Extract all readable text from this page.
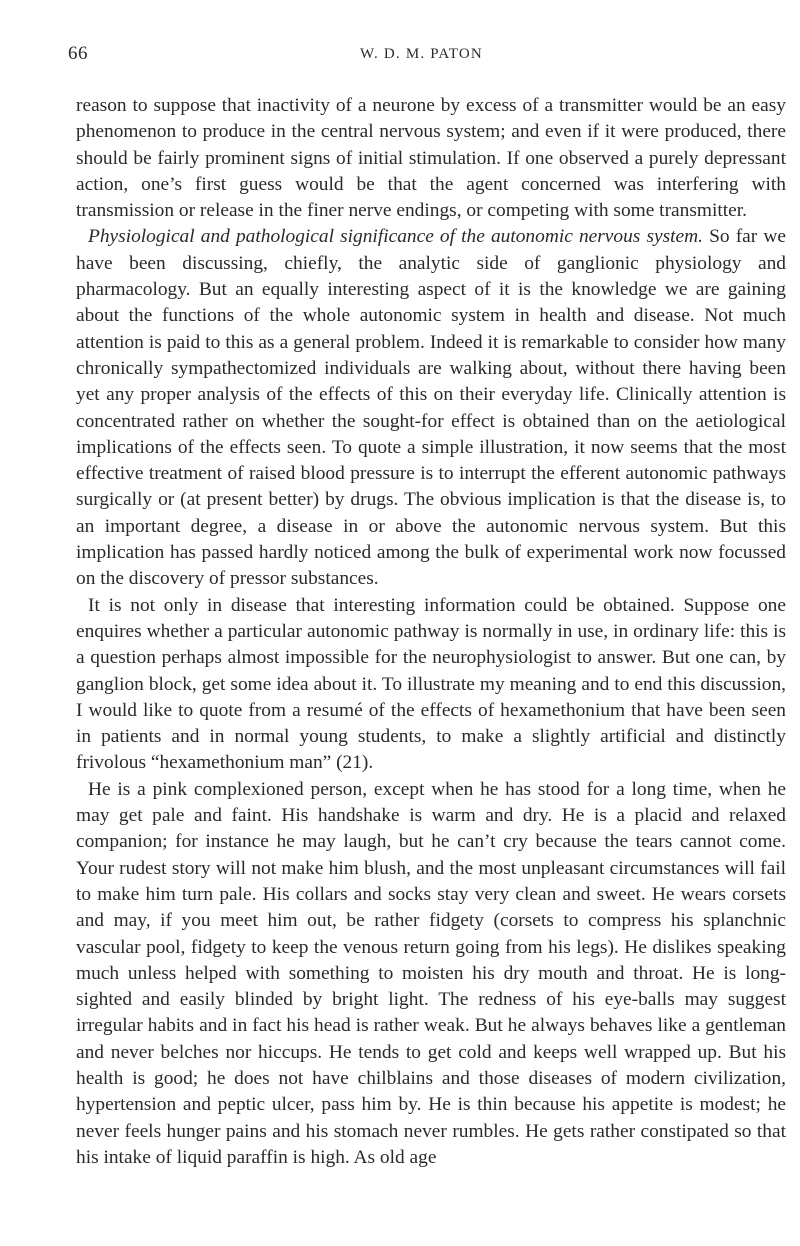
66	W. D. M. PATON

reason to suppose that inactivity of a neurone by excess of a transmitter would be an easy phenomenon to produce in the central nervous system; and even if it were produced, there should be fairly prominent signs of initial stimulation. If one observed a purely depressant action, one’s first guess would be that the agent concerned was interfering with transmission or release in the finer nerve endings, or competing with some transmitter.

Physiological and pathological significance of the autonomic nervous system. So far we have been discussing, chiefly, the analytic side of ganglionic physiology and pharmacology. But an equally interesting aspect of it is the knowledge we are gaining about the functions of the whole autonomic system in health and disease. Not much attention is paid to this as a general problem. Indeed it is remarkable to consider how many chronically sympathectomized individuals are walking about, without there having been yet any proper analysis of the effects of this on their everyday life. Clinically attention is concentrated rather on whether the sought-for effect is obtained than on the aetiological implications of the effects seen. To quote a simple illustration, it now seems that the most effective treatment of raised blood pressure is to interrupt the efferent autonomic pathways surgically or (at present better) by drugs. The obvious implication is that the disease is, to an important degree, a disease in or above the autonomic nervous system. But this implication has passed hardly noticed among the bulk of experimental work now focussed on the discovery of pressor substances.

It is not only in disease that interesting information could be obtained. Suppose one enquires whether a particular autonomic pathway is normally in use, in ordinary life: this is a question perhaps almost impossible for the neurophysiologist to answer. But one can, by ganglion block, get some idea about it. To illustrate my meaning and to end this discussion, I would like to quote from a resumé of the effects of hexamethonium that have been seen in patients and in normal young students, to make a slightly artificial and distinctly frivolous “hexamethonium man” (21).

He is a pink complexioned person, except when he has stood for a long time, when he may get pale and faint. His handshake is warm and dry. He is a placid and relaxed companion; for instance he may laugh, but he can’t cry because the tears cannot come. Your rudest story will not make him blush, and the most unpleasant circumstances will fail to make him turn pale. His collars and socks stay very clean and sweet. He wears corsets and may, if you meet him out, be rather fidgety (corsets to compress his splanchnic vascular pool, fidgety to keep the venous return going from his legs). He dislikes speaking much unless helped with something to moisten his dry mouth and throat. He is long-sighted and easily blinded by bright light. The redness of his eye-balls may suggest irregular habits and in fact his head is rather weak. But he always behaves like a gentleman and never belches nor hiccups. He tends to get cold and keeps well wrapped up. But his health is good; he does not have chilblains and those diseases of modern civilization, hypertension and peptic ulcer, pass him by. He is thin because his appetite is modest; he never feels hunger pains and his stomach never rumbles. He gets rather constipated so that his intake of liquid paraffin is high. As old age
